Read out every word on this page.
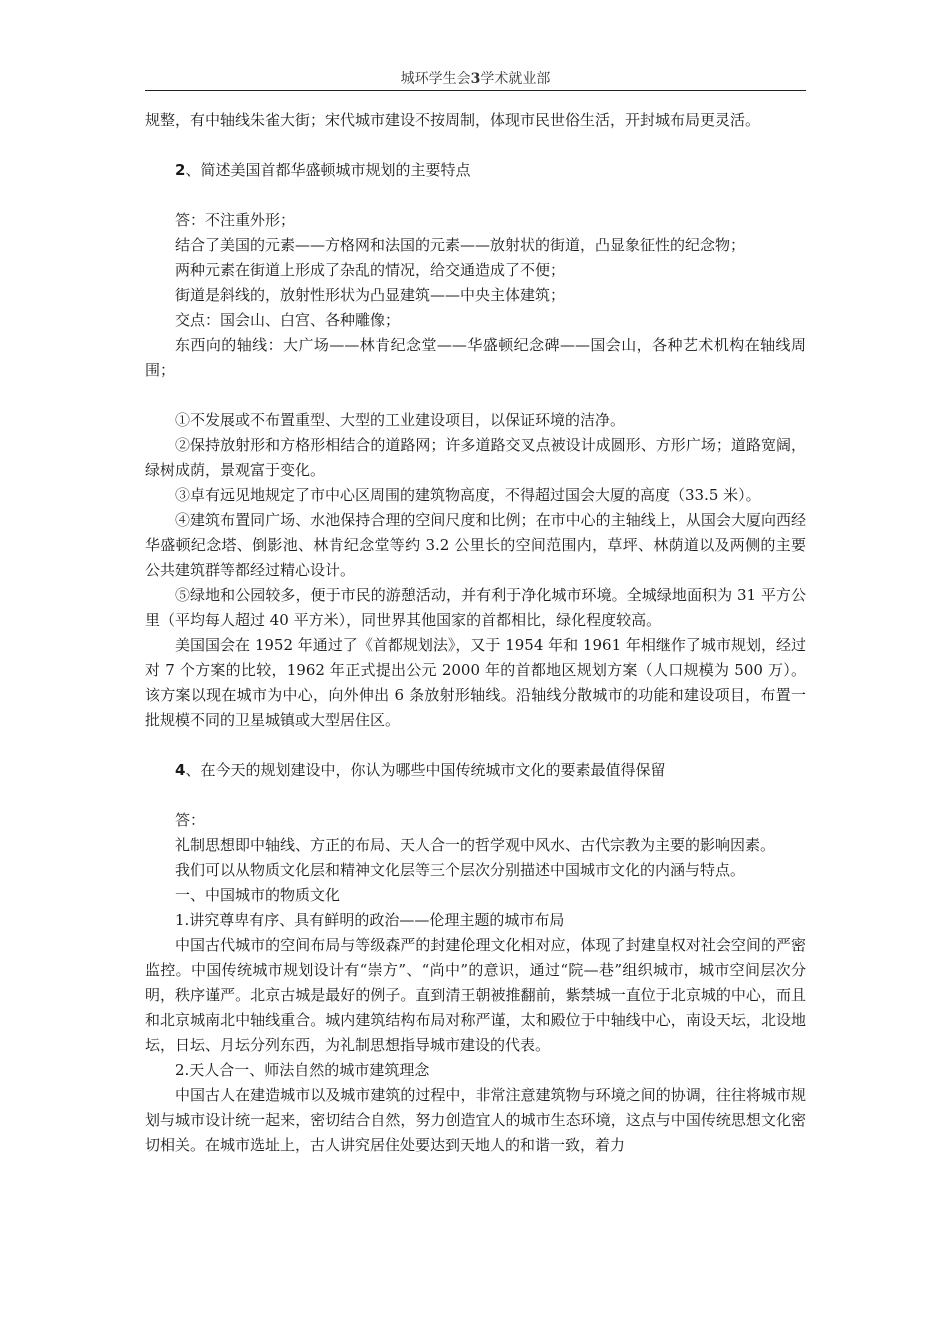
城环学生会3学术就业部

规整，有中轴线朱雀大街；宋代城市建设不按周制，体现市民世俗生活，开封城布局更灵活。

2、简述美国首都华盛顿城市规划的主要特点

答：不注重外形；

结合了美国的元素——方格网和法国的元素——放射状的街道，凸显象征性的纪念物；

两种元素在街道上形成了杂乱的情况，给交通造成了不便；

街道是斜线的，放射性形状为凸显建筑——中央主体建筑；

交点：国会山、白宫、各种雕像；

东西向的轴线：大广场——林肯纪念堂——华盛顿纪念碑——国会山，各种艺术机构在轴线周围；

①不发展或不布置重型、大型的工业建设项目，以保证环境的洁净。

②保持放射形和方格形相结合的道路网；许多道路交叉点被设计成圆形、方形广场；道路宽阔，绿树成荫，景观富于变化。

③卓有远见地规定了市中心区周围的建筑物高度，不得超过国会大厦的高度（33.5 米）。

④建筑布置同广场、水池保持合理的空间尺度和比例；在市中心的主轴线上，从国会大厦向西经华盛顿纪念塔、倒影池、林肯纪念堂等约 3.2 公里长的空间范围内，草坪、林荫道以及两侧的主要公共建筑群等都经过精心设计。

⑤绿地和公园较多，便于市民的游憩活动，并有利于净化城市环境。全城绿地面积为 31 平方公里（平均每人超过 40 平方米），同世界其他国家的首都相比，绿化程度较高。

美国国会在 1952 年通过了《首都规划法》，又于 1954 年和 1961 年相继作了城市规划，经过对 7 个方案的比较，1962 年正式提出公元 2000 年的首都地区规划方案（人口规模为 500 万）。该方案以现在城市为中心，向外伸出 6 条放射形轴线。沿轴线分散城市的功能和建设项目，布置一批规模不同的卫星城镇或大型居住区。

4、在今天的规划建设中，你认为哪些中国传统城市文化的要素最值得保留

答：

礼制思想即中轴线、方正的布局、天人合一的哲学观中风水、古代宗教为主要的影响因素。

我们可以从物质文化层和精神文化层等三个层次分别描述中国城市文化的内涵与特点。

一、中国城市的物质文化

1.讲究尊卑有序、具有鲜明的政治——伦理主题的城市布局

中国古代城市的空间布局与等级森严的封建伦理文化相对应，体现了封建皇权对社会空间的严密监控。中国传统城市规划设计有“崇方”、“尚中”的意识，通过“院—巷”组织城市，城市空间层次分明，秩序谨严。北京古城是最好的例子。直到清王朝被推翻前，紫禁城一直位于北京城的中心，而且和北京城南北中轴线重合。城内建筑结构布局对称严谨，太和殿位于中轴线中心，南设天坛，北设地坛，日坛、月坛分列东西，为礼制思想指导城市建设的代表。

2.天人合一、师法自然的城市建筑理念

中国古人在建造城市以及城市建筑的过程中，非常注意建筑物与环境之间的协调，往往将城市规划与城市设计统一起来，密切结合自然，努力创造宜人的城市生态环境，这点与中国传统思想文化密切相关。在城市选址上，古人讲究居住处要达到天地人的和谐一致，着力
